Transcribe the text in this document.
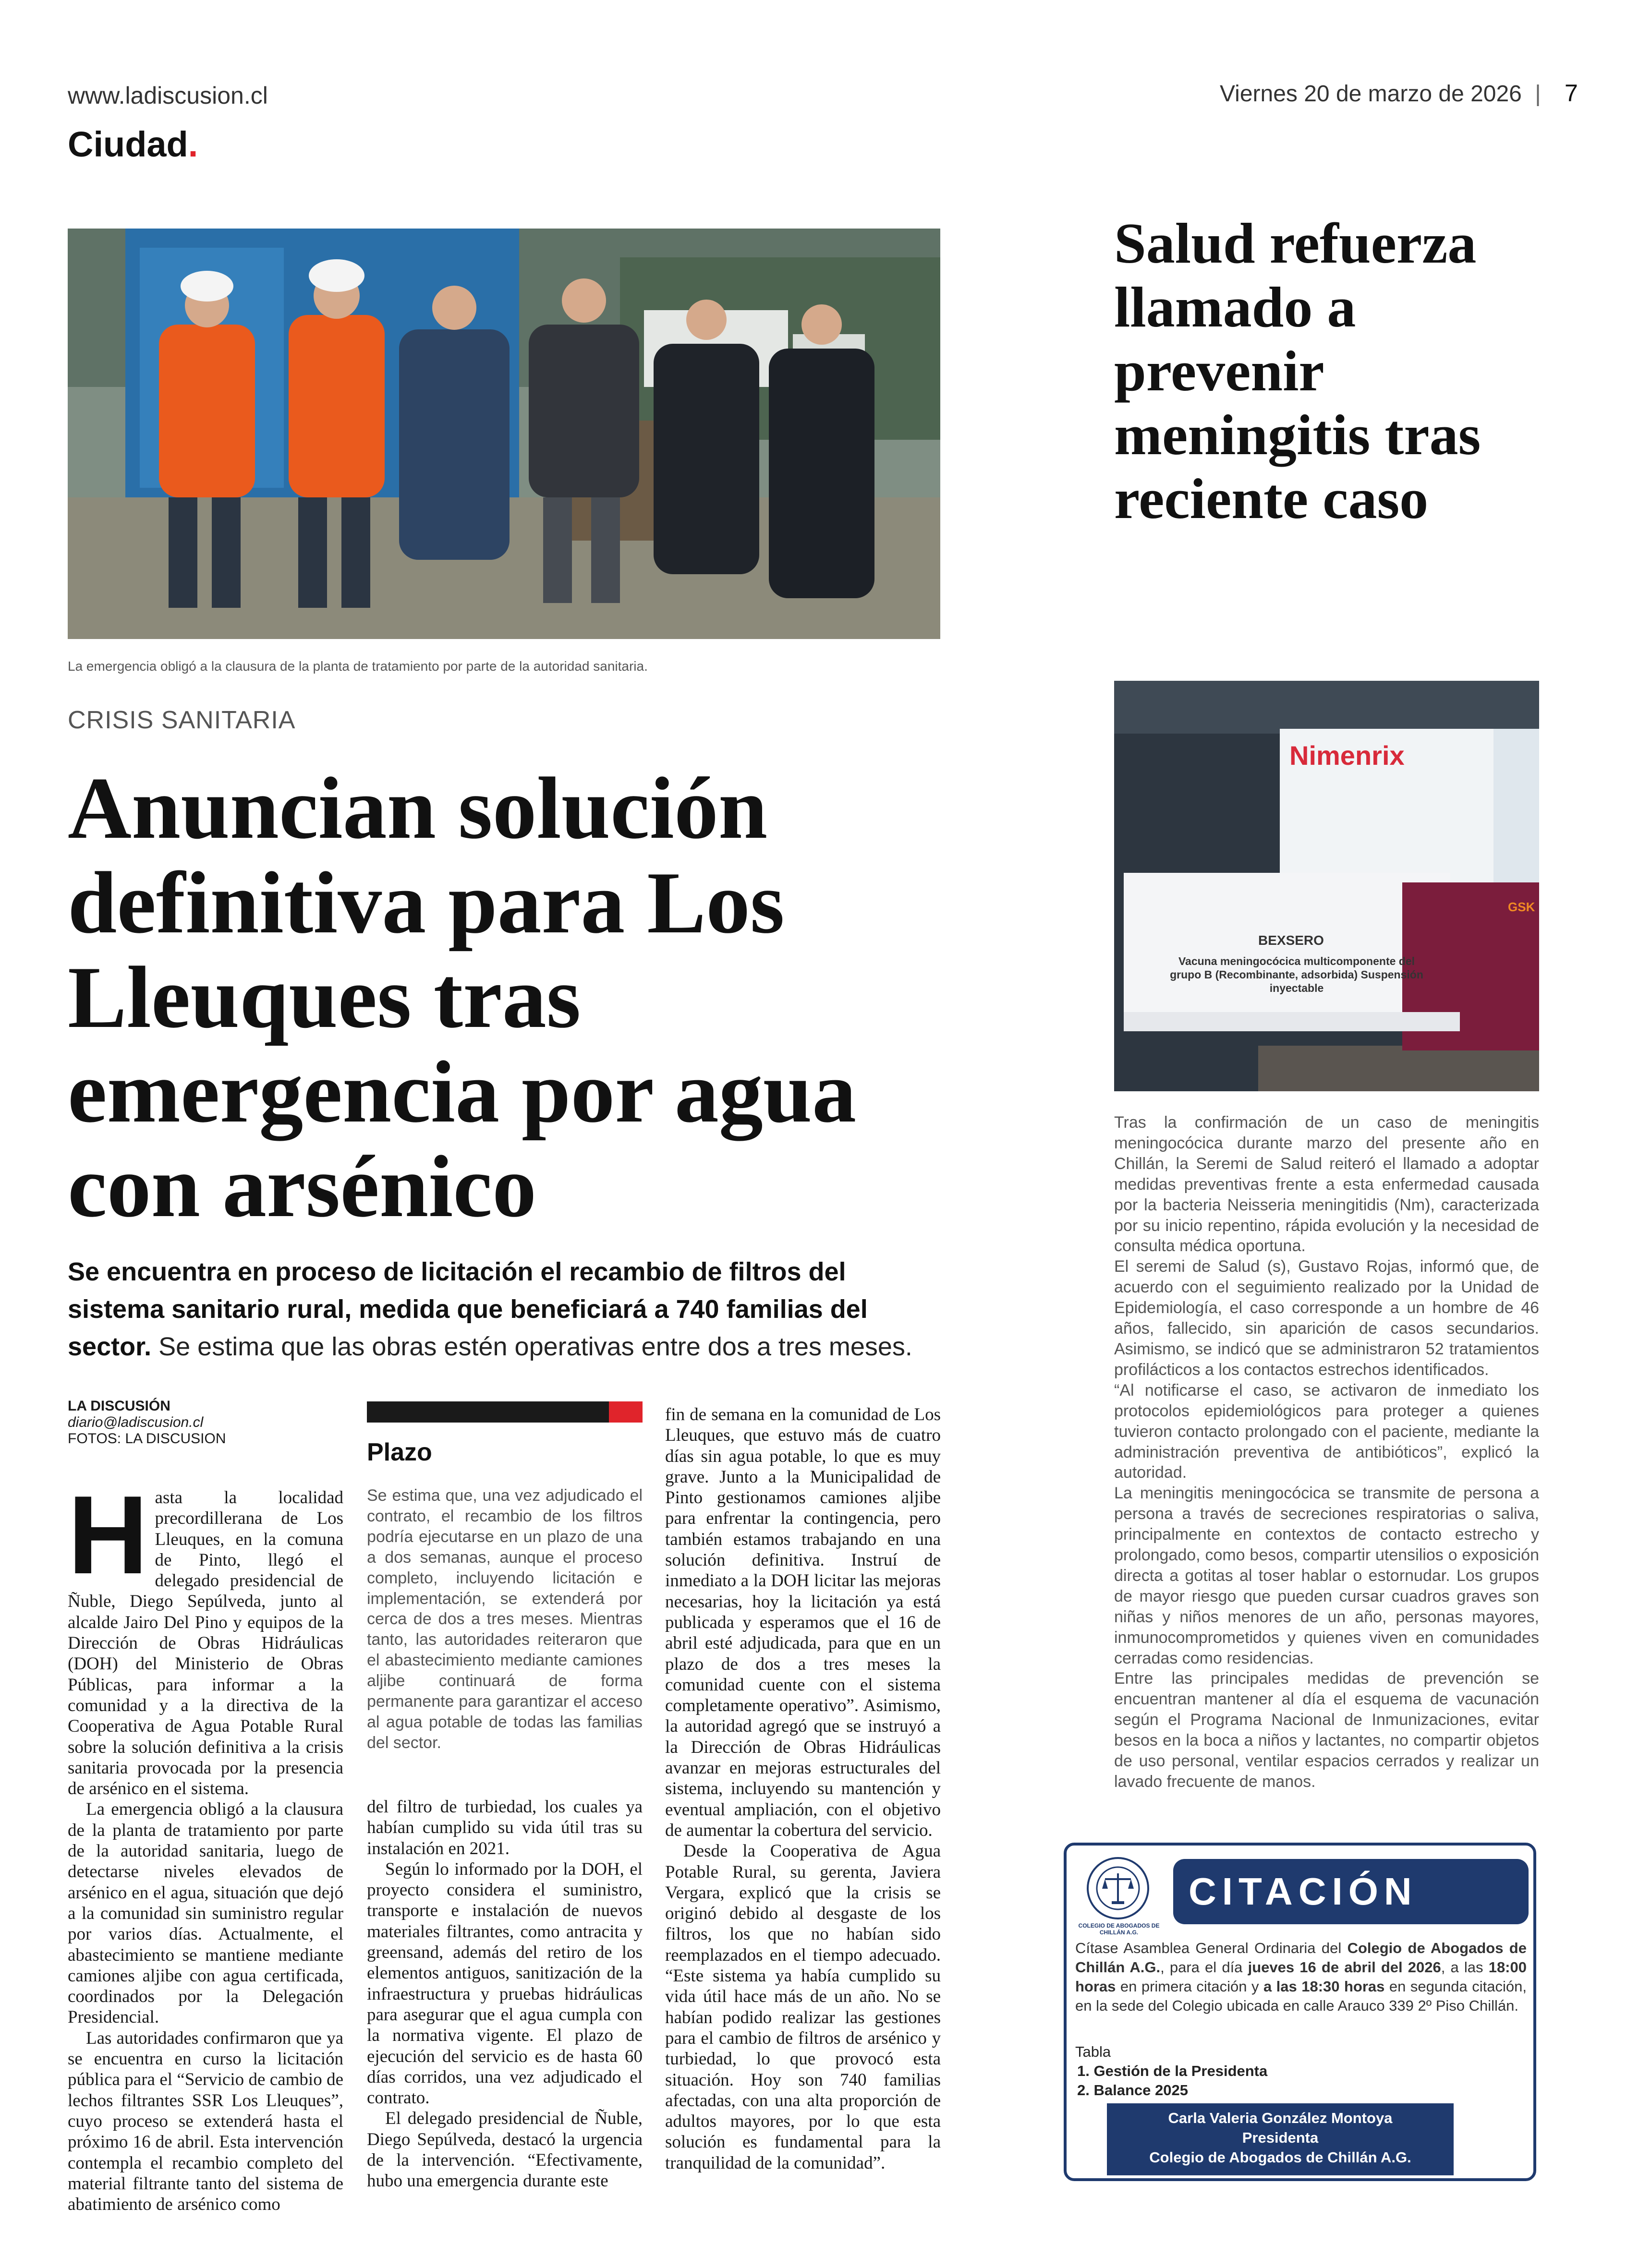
www.ladiscusion.cl	Viernes 20 de marzo de 2026 | 7
Ciudad.
La emergencia obligó a la clausura de la planta de tratamiento por parte de la autoridad sanitaria.
CRISIS SANITARIA
Anuncian solución definitiva para Los Lleuques tras emergencia por agua con arsénico
Se encuentra en proceso de licitación el recambio de filtros del sistema sanitario rural, medida que beneficiará a 740 familias del sector. Se estima que las obras estén operativas entre dos a tres meses.
LA DISCUSIÓN
diario@ladiscusion.cl
FOTOS: LA DISCUSION

Hasta la localidad precordillerana de Los Lleuques, en la comuna de Pinto, llegó el delegado presidencial de Ñuble, Diego Sepúlveda, junto al alcalde Jairo Del Pino y equipos de la Dirección de Obras Hidráulicas (DOH) del Ministerio de Obras Públicas, para informar a la comunidad y a la directiva de la Cooperativa de Agua Potable Rural sobre la solución definitiva a la crisis sanitaria provocada por la presencia de arsénico en el sistema.

La emergencia obligó a la clausura de la planta de tratamiento por parte de la autoridad sanitaria, luego de detectarse niveles elevados de arsénico en el agua, situación que dejó a la comunidad sin suministro regular por varios días. Actualmente, el abastecimiento se mantiene mediante camiones aljibe con agua certificada, coordinados por la Delegación Presidencial.

Las autoridades confirmaron que ya se encuentra en curso la licitación pública para el “Servicio de cambio de lechos filtrantes SSR Los Lleuques”, cuyo proceso se extenderá hasta el próximo 16 de abril. Esta intervención contempla el recambio completo del material filtrante tanto del sistema de abatimiento de arsénico como

Plazo
Se estima que, una vez adjudicado el contrato, el recambio de los filtros podría ejecutarse en un plazo de una a dos semanas, aunque el proceso completo, incluyendo licitación e implementación, se extenderá por cerca de dos a tres meses. Mientras tanto, las autoridades reiteraron que el abastecimiento mediante camiones aljibe continuará de forma permanente para garantizar el acceso al agua potable de todas las familias del sector.

del filtro de turbiedad, los cuales ya habían cumplido su vida útil tras su instalación en 2021.

Según lo informado por la DOH, el proyecto considera el suministro, transporte e instalación de nuevos materiales filtrantes, como antracita y greensand, además del retiro de los elementos antiguos, sanitización de la infraestructura y pruebas hidráulicas para asegurar que el agua cumpla con la normativa vigente. El plazo de ejecución del servicio es de hasta 60 días corridos, una vez adjudicado el contrato.

El delegado presidencial de Ñuble, Diego Sepúlveda, destacó la urgencia de la intervención. “Efectivamente, hubo una emergencia durante este

fin de semana en la comunidad de Los Lleuques, que estuvo más de cuatro días sin agua potable, lo que es muy grave. Junto a la Municipalidad de Pinto gestionamos camiones aljibe para enfrentar la contingencia, pero también estamos trabajando en una solución definitiva. Instruí de inmediato a la DOH licitar las mejoras necesarias, hoy la licitación ya está publicada y esperamos que el 16 de abril esté adjudicada, para que en un plazo de dos a tres meses la comunidad cuente con el sistema completamente operativo”. Asimismo, la autoridad agregó que se instruyó a la Dirección de Obras Hidráulicas avanzar en mejoras estructurales del sistema, incluyendo su mantención y eventual ampliación, con el objetivo de aumentar la cobertura del servicio.

Desde la Cooperativa de Agua Potable Rural, su gerenta, Javiera Vergara, explicó que la crisis se originó debido al desgaste de los filtros, los que no habían sido reemplazados en el tiempo adecuado. “Este sistema ya había cumplido su vida útil hace más de un año. No se habían podido realizar las gestiones para el cambio de filtros de arsénico y turbiedad, lo que provocó esta situación. Hoy son 740 familias afectadas, con una alta proporción de adultos mayores, por lo que esta solución es fundamental para la tranquilidad de la comunidad”.

Salud refuerza llamado a prevenir meningitis tras reciente caso
Nimenrix
BEXSERO
GSK
Vacuna meningocócica multicomponente del grupo B (Recombinante, adsorbida) Suspensión inyectable

Tras la confirmación de un caso de meningitis meningocócica durante marzo del presente año en Chillán, la Seremi de Salud reiteró el llamado a adoptar medidas preventivas frente a esta enfermedad causada por la bacteria Neisseria meningitidis (Nm), caracterizada por su inicio repentino, rápida evolución y la necesidad de consulta médica oportuna.

El seremi de Salud (s), Gustavo Rojas, informó que, de acuerdo con el seguimiento realizado por la Unidad de Epidemiología, el caso corresponde a un hombre de 46 años, fallecido, sin aparición de casos secundarios. Asimismo, se indicó que se administraron 52 tratamientos profilácticos a los contactos estrechos identificados.

“Al notificarse el caso, se activaron de inmediato los protocolos epidemiológicos para proteger a quienes tuvieron contacto prolongado con el paciente, mediante la administración preventiva de antibióticos”, explicó la autoridad.

La meningitis meningocócica se transmite de persona a persona a través de secreciones respiratorias o saliva, principalmente en contextos de contacto estrecho y prolongado, como besos, compartir utensilios o exposición directa a gotitas al toser hablar o estornudar. Los grupos de mayor riesgo que pueden cursar cuadros graves son niñas y niños menores de un año, personas mayores, inmunocomprometidos y quienes viven en comunidades cerradas como residencias.

Entre las principales medidas de prevención se encuentran mantener al día el esquema de vacunación según el Programa Nacional de Inmunizaciones, evitar besos en la boca a niños y lactantes, no compartir objetos de uso personal, ventilar espacios cerrados y realizar un lavado frecuente de manos.

COLEGIO DE ABOGADOS DE CHILLÁN A.G.
CITACIÓN
Cítase Asamblea General Ordinaria del Colegio de Abogados de Chillán A.G., para el día jueves 16 de abril del 2026, a las 18:00 horas en primera citación y a las 18:30 horas en segunda citación, en la sede del Colegio ubicada en calle Arauco 339 2º Piso Chillán.
Tabla
1. Gestión de la Presidenta
2. Balance 2025
Carla Valeria González Montoya
Presidenta
Colegio de Abogados de Chillán A.G.
